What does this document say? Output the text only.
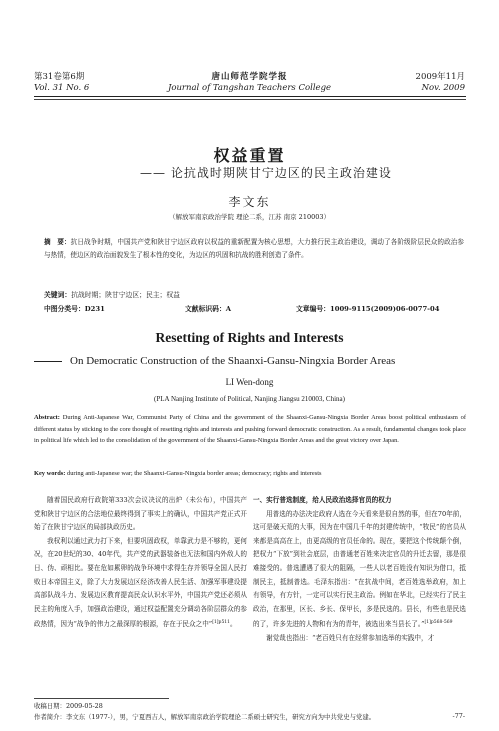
第31卷第6期
Vol. 31 No. 6
唐山师范学院学报
Journal of Tangshan Teachers College
2009年11月
Nov. 2009
权益重置
—— 论抗战时期陕甘宁边区的民主政治建设
李文东
（解放军南京政治学院 理论二系，江苏 南京 210003）
摘　要：抗日战争时期，中国共产党和陕甘宁边区政府以权益的重新配置为核心思想，大力推行民主政治建设，调动了各阶级阶层民众的政治参与热情，使边区的政治面貌发生了根本性的变化，为边区的巩固和抗战的胜利创造了条件。
关键词：抗战时期；陕甘宁边区；民主；权益
中图分类号：D231	文献标识码：A	文章编号：1009-9115(2009)06-0077-04
Resetting of Rights and Interests
On Democratic Construction of the Shaanxi-Gansu-Ningxia Border Areas
LI Wen-dong
(PLA Nanjing Institute of Political, Nanjing Jiangsu 210003, China)
Abstract: During Anti-Japanese War, Communist Party of China and the government of the Shaanxi-Gansu-Ningxia Border Areas boost political enthusiasm of different status by sticking to the core thought of resetting rights and interests and pushing forward democratic construction. As a result, fundamental changes took place in political life which led to the consolidation of the government of the Shaanxi-Gansu-Ningxia Border Areas and the great victory over Japan.
Key words: during anti-Japanese war; the Shaanxi-Gansu-Ningxia border areas; democracy; rights and interests

随着国民政府行政院第333次会议决议的出炉（未公布），中国共产党和陕甘宁边区的合法地位最终得到了事实上的确认，中国共产党正式开始了在陕甘宁边区的局部执政历史。

我权利以通过武力打下来，但要巩固政权，单靠武力是不够的，更何况，在20世纪的30、40年代，共产党的武器装备也无法和国内外敌人的日、伪、顽相比。要在危如累卵的战争环境中求得生存并领导全国人民打败日本帝国主义，除了大力发展边区经济改善人民生活、加强军事建设提高部队战斗力、发展边区教育提高民众认识水平外，中国共产党还必须从民主的角度入手，加强政治建设，通过权益配置充分调动各阶层群众的参政热情，因为“战争的伟力之最深厚的根源，存在于民众之中”$^{[1]p511}$。

一、实行普选制度，给人民政治选择官员的权力

用普选的办法决定政府人选在今天看来是很自然的事，但在70年前，这可是破天荒的大事，因为在中国几千年的封建传统中，“牧民”的官员从来都是高高在上，由更高级的官员任命的。现在，要把这个传统颠个倒，把权力“下放”到社会底层，由普通老百姓来决定官员的升迁去留，那是很难接受的。普选遭遇了很大的阻隔，一些人以老百姓没有知识为借口，抵制民主，抵制普选。毛泽东指出：“在抗战中间，老百姓选举政府，加上有领导，有方针，一定可以实行民主政治。例如在华北，已经实行了民主政治，在那里，区长、乡长、保甲长，多是民选的。县长，有些也是民选的了，许多先进的人物和有为的青年，被选出来当县长了。”$^{[1]p568-569}$

谢觉哉也指出：“老百姓只有在经常参加选举的实践中，才

收稿日期：2009-05-28
作者简介：李文东（1977-），男，宁夏西吉人，解放军南京政治学院理论二系硕士研究生，研究方向为中共党史与党建。	-77-
